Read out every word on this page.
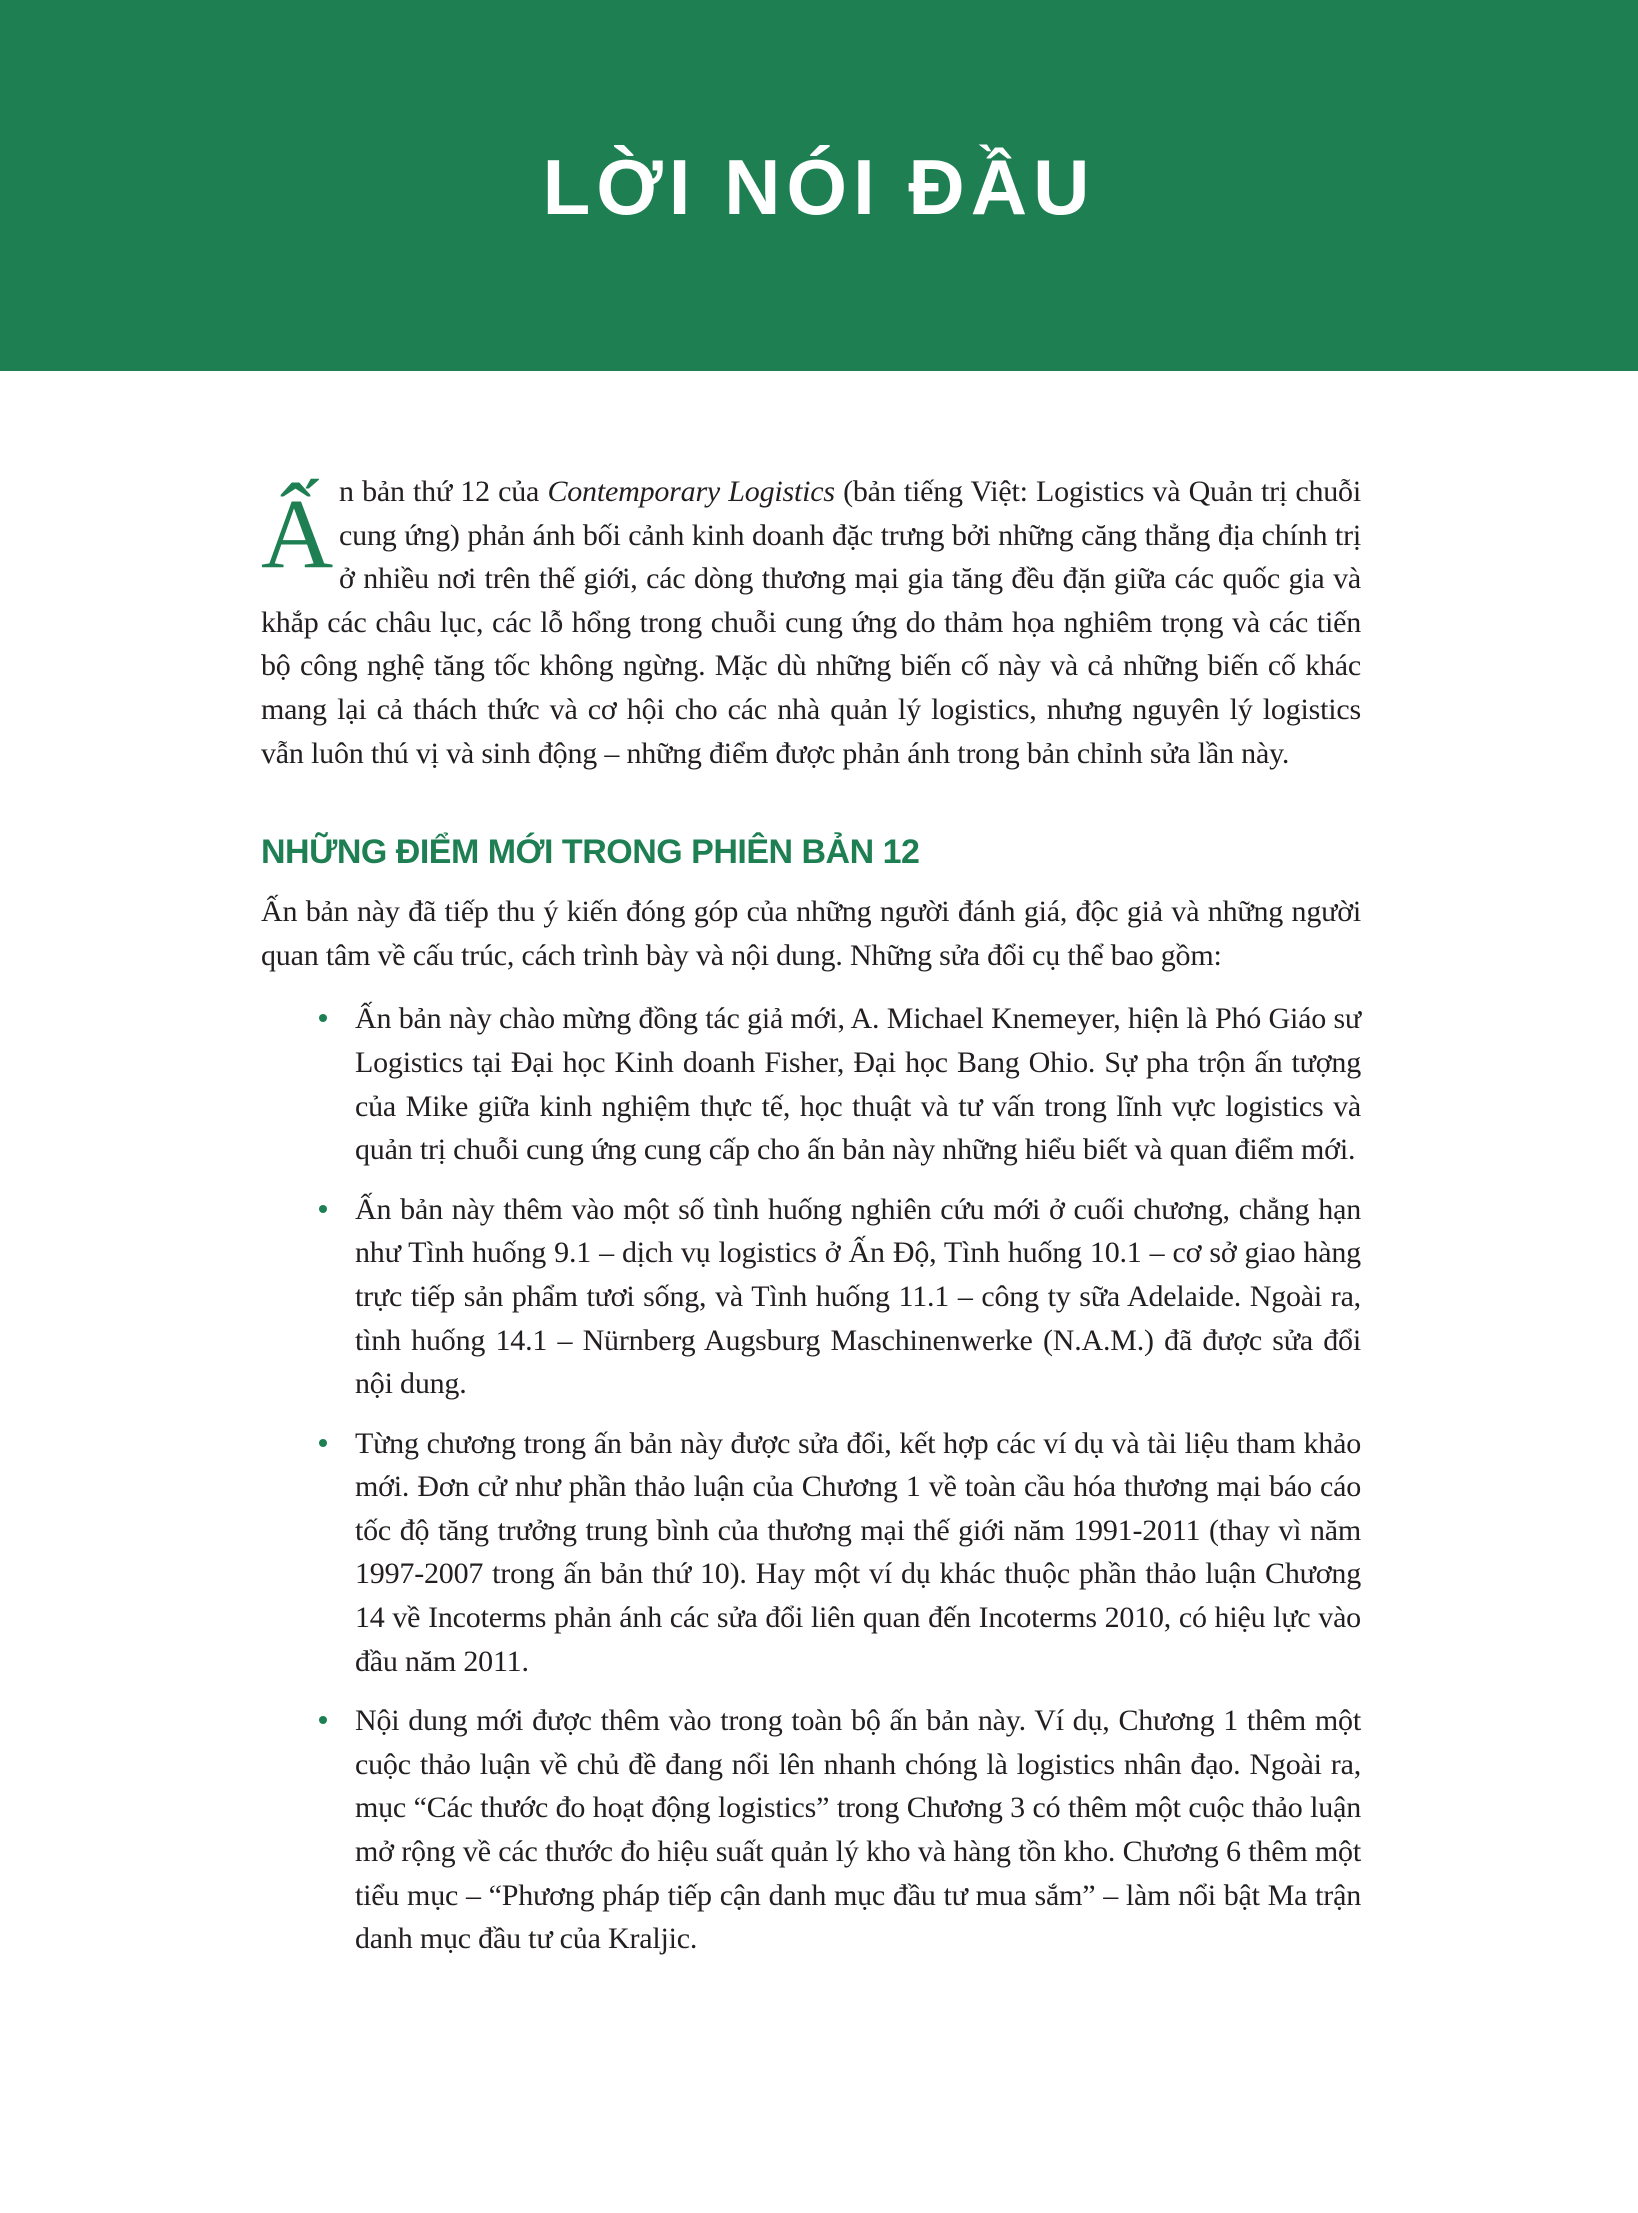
LỜI NÓI ĐẦU

Ấn bản thứ 12 của Contemporary Logistics (bản tiếng Việt: Logistics và Quản trị chuỗi cung ứng) phản ánh bối cảnh kinh doanh đặc trưng bởi những căng thẳng địa chính trị ở nhiều nơi trên thế giới, các dòng thương mại gia tăng đều đặn giữa các quốc gia và khắp các châu lục, các lỗ hổng trong chuỗi cung ứng do thảm họa nghiêm trọng và các tiến bộ công nghệ tăng tốc không ngừng. Mặc dù những biến cố này và cả những biến cố khác mang lại cả thách thức và cơ hội cho các nhà quản lý logistics, nhưng nguyên lý logistics vẫn luôn thú vị và sinh động – những điểm được phản ánh trong bản chỉnh sửa lần này.

NHỮNG ĐIỂM MỚI TRONG PHIÊN BẢN 12

Ấn bản này đã tiếp thu ý kiến đóng góp của những người đánh giá, độc giả và những người quan tâm về cấu trúc, cách trình bày và nội dung. Những sửa đổi cụ thể bao gồm:

Ấn bản này chào mừng đồng tác giả mới, A. Michael Knemeyer, hiện là Phó Giáo sư Logistics tại Đại học Kinh doanh Fisher, Đại học Bang Ohio. Sự pha trộn ấn tượng của Mike giữa kinh nghiệm thực tế, học thuật và tư vấn trong lĩnh vực logistics và quản trị chuỗi cung ứng cung cấp cho ấn bản này những hiểu biết và quan điểm mới.

Ấn bản này thêm vào một số tình huống nghiên cứu mới ở cuối chương, chẳng hạn như Tình huống 9.1 – dịch vụ logistics ở Ấn Độ, Tình huống 10.1 – cơ sở giao hàng trực tiếp sản phẩm tươi sống, và Tình huống 11.1 – công ty sữa Adelaide. Ngoài ra, tình huống 14.1 – Nürnberg Augsburg Maschinenwerke (N.A.M.) đã được sửa đổi nội dung.

Từng chương trong ấn bản này được sửa đổi, kết hợp các ví dụ và tài liệu tham khảo mới. Đơn cử như phần thảo luận của Chương 1 về toàn cầu hóa thương mại báo cáo tốc độ tăng trưởng trung bình của thương mại thế giới năm 1991-2011 (thay vì năm 1997-2007 trong ấn bản thứ 10). Hay một ví dụ khác thuộc phần thảo luận Chương 14 về Incoterms phản ánh các sửa đổi liên quan đến Incoterms 2010, có hiệu lực vào đầu năm 2011.

Nội dung mới được thêm vào trong toàn bộ ấn bản này. Ví dụ, Chương 1 thêm một cuộc thảo luận về chủ đề đang nổi lên nhanh chóng là logistics nhân đạo. Ngoài ra, mục “Các thước đo hoạt động logistics” trong Chương 3 có thêm một cuộc thảo luận mở rộng về các thước đo hiệu suất quản lý kho và hàng tồn kho. Chương 6 thêm một tiểu mục – “Phương pháp tiếp cận danh mục đầu tư mua sắm” – làm nổi bật Ma trận danh mục đầu tư của Kraljic.
